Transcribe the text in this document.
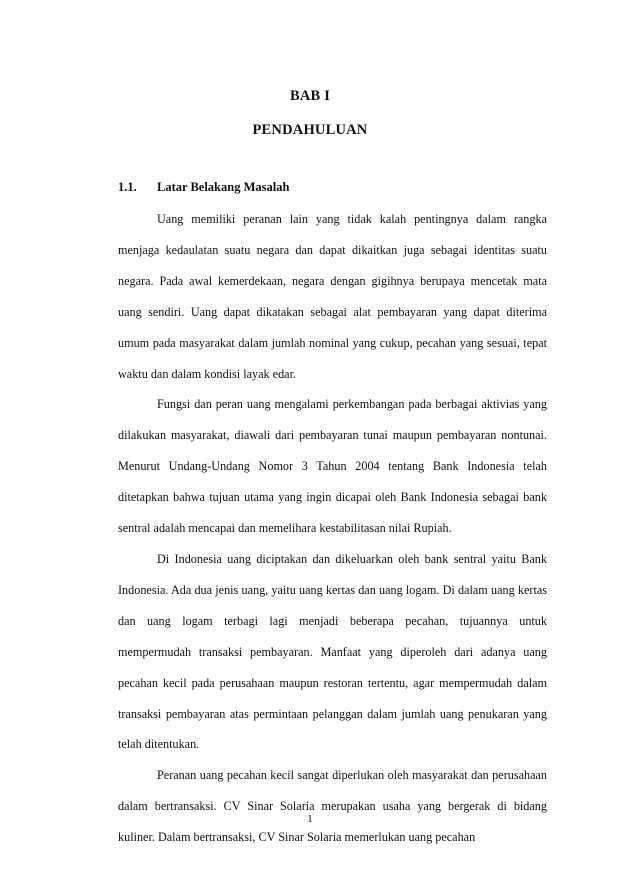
BAB I
PENDAHULUAN
1.1. Latar Belakang Masalah

Uang memiliki peranan lain yang tidak kalah pentingnya dalam rangka menjaga kedaulatan suatu negara dan dapat dikaitkan juga sebagai identitas suatu negara. Pada awal kemerdekaan, negara dengan gigihnya berupaya mencetak mata uang sendiri. Uang dapat dikatakan sebagai alat pembayaran yang dapat diterima umum pada masyarakat dalam jumlah nominal yang cukup, pecahan yang sesuai, tepat waktu dan dalam kondisi layak edar.

Fungsi dan peran uang mengalami perkembangan pada berbagai aktivias yang dilakukan masyarakat, diawali dari pembayaran tunai maupun pembayaran nontunai. Menurut Undang-Undang Nomor 3 Tahun 2004 tentang Bank Indonesia telah ditetapkan bahwa tujuan utama yang ingin dicapai oleh Bank Indonesia sebagai bank sentral adalah mencapai dan memelihara kestabilitasan nilai Rupiah.

Di Indonesia uang diciptakan dan dikeluarkan oleh bank sentral yaitu Bank Indonesia. Ada dua jenis uang, yaitu uang kertas dan uang logam. Di dalam uang kertas dan uang logam terbagi lagi menjadi beberapa pecahan, tujuannya untuk mempermudah transaksi pembayaran. Manfaat yang diperoleh dari adanya uang pecahan kecil pada perusahaan maupun restoran tertentu, agar mempermudah dalam transaksi pembayaran atas permintaan pelanggan dalam jumlah uang penukaran yang telah ditentukan.

Peranan uang pecahan kecil sangat diperlukan oleh masyarakat dan perusahaan dalam bertransaksi. CV Sinar Solaria merupakan usaha yang bergerak di bidang kuliner. Dalam bertransaksi, CV Sinar Solaria memerlukan uang pecahan

1
